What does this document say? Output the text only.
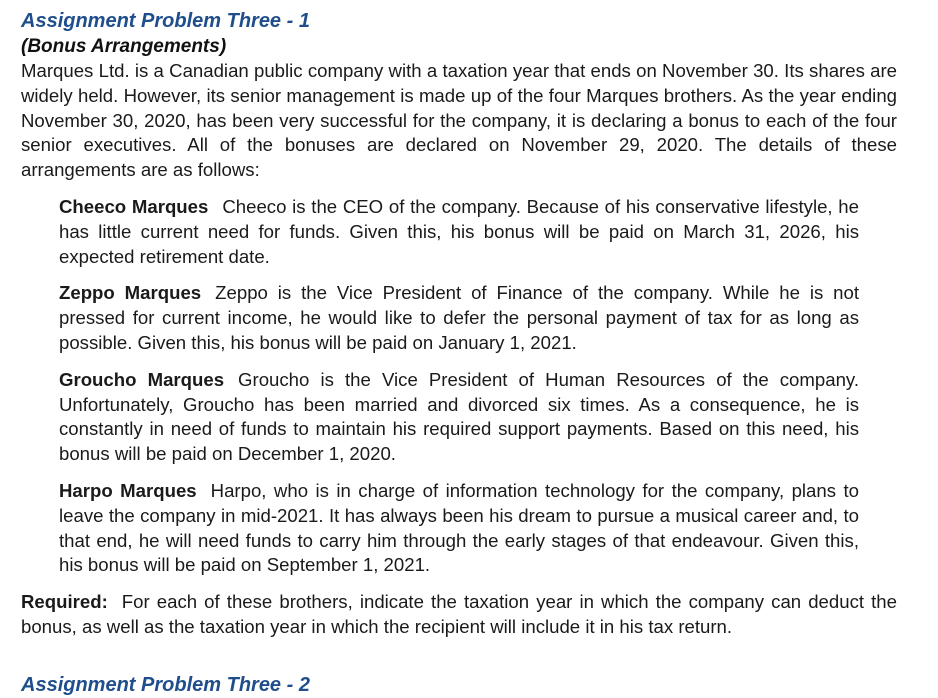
Assignment Problem Three - 1
(Bonus Arrangements)

Marques Ltd. is a Canadian public company with a taxation year that ends on November 30. Its shares are widely held. However, its senior management is made up of the four Marques brothers. As the year ending November 30, 2020, has been very successful for the company, it is declaring a bonus to each of the four senior executives. All of the bonuses are declared on November 29, 2020. The details of these arrangements are as follows:

Cheeco Marques Cheeco is the CEO of the company. Because of his conservative lifestyle, he has little current need for funds. Given this, his bonus will be paid on March 31, 2026, his expected retirement date.
Zeppo Marques Zeppo is the Vice President of Finance of the company. While he is not pressed for current income, he would like to defer the personal payment of tax for as long as possible. Given this, his bonus will be paid on January 1, 2021.
Groucho Marques Groucho is the Vice President of Human Resources of the company. Unfortunately, Groucho has been married and divorced six times. As a consequence, he is constantly in need of funds to maintain his required support payments. Based on this need, his bonus will be paid on December 1, 2020.
Harpo Marques Harpo, who is in charge of information technology for the company, plans to leave the company in mid-2021. It has always been his dream to pursue a musical career and, to that end, he will need funds to carry him through the early stages of that endeavour. Given this, his bonus will be paid on September 1, 2021.
Required: For each of these brothers, indicate the taxation year in which the company can deduct the bonus, as well as the taxation year in which the recipient will include it in his tax return.
Assignment Problem Three - 2
